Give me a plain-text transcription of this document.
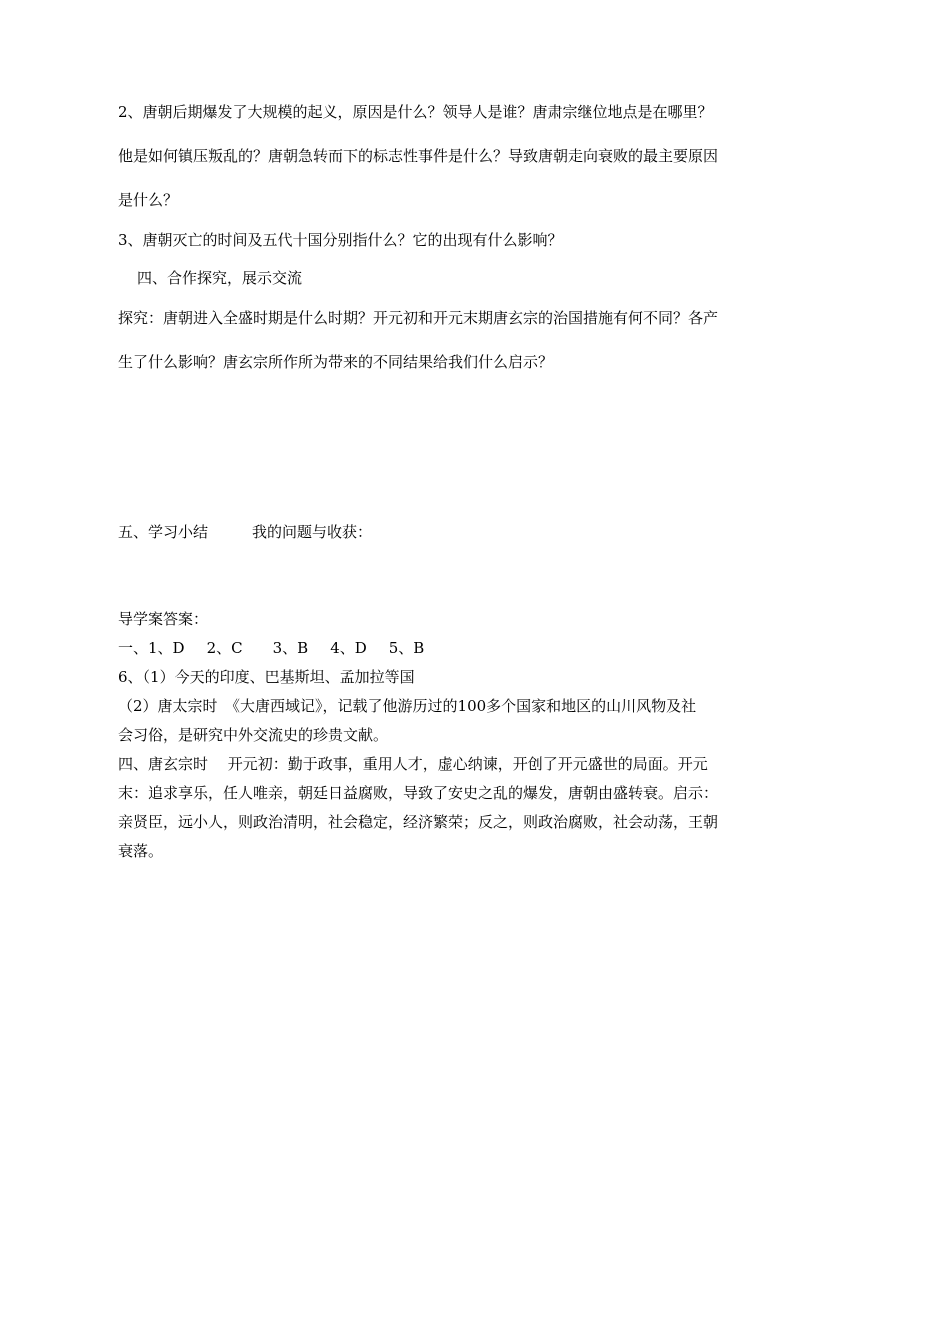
2、唐朝后期爆发了大规模的起义，原因是什么？领导人是谁？唐肃宗继位地点是在哪里？
他是如何镇压叛乱的？唐朝急转而下的标志性事件是什么？导致唐朝走向衰败的最主要原因
是什么？
3、唐朝灭亡的时间及五代十国分别指什么？它的出现有什么影响？
四、合作探究，展示交流
探究：唐朝进入全盛时期是什么时期？开元初和开元末期唐玄宗的治国措施有何不同？各产
生了什么影响？唐玄宗所作所为带来的不同结果给我们什么启示？
五、学习小结	我的问题与收获：
导学案答案：
一、1、D 2、C 3、B 4、D 5、B
6、（1）今天的印度、巴基斯坦、孟加拉等国
（2）唐太宗时　《大唐西域记》，记载了他游历过的100多个国家和地区的山川风物及社
会习俗，是研究中外交流史的珍贵文献。
四、唐玄宗时　 开元初：勤于政事，重用人才，虚心纳谏，开创了开元盛世的局面。开元
末：追求享乐，任人唯亲，朝廷日益腐败，导致了安史之乱的爆发，唐朝由盛转衰。启示：
亲贤臣，远小人，则政治清明，社会稳定，经济繁荣；反之，则政治腐败，社会动荡，王朝
衰落。
